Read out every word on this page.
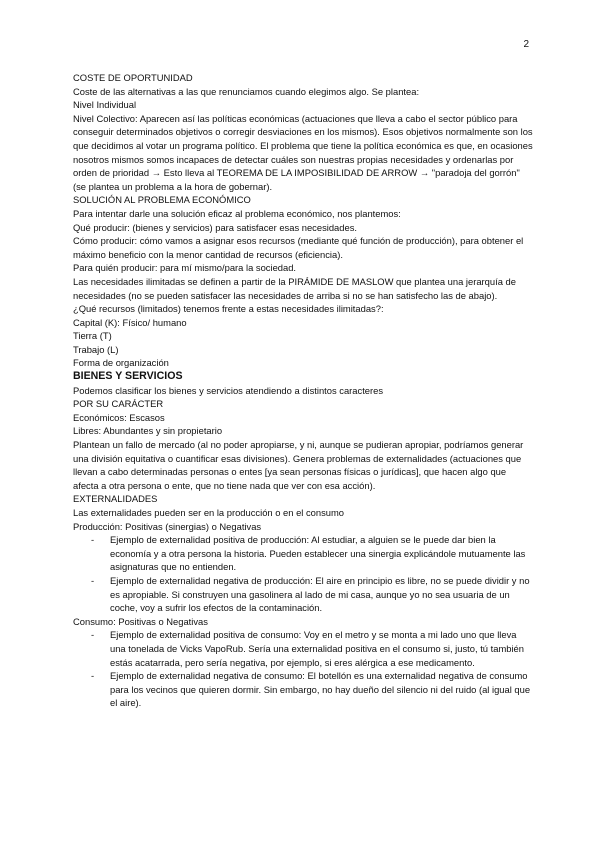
2

COSTE DE OPORTUNIDAD

Coste de las alternativas a las que renunciamos cuando elegimos algo. Se plantea:

Nivel Individual

Nivel Colectivo: Aparecen así las políticas económicas (actuaciones que lleva a cabo el sector público para conseguir determinados objetivos o corregir desviaciones en los mismos). Esos objetivos normalmente son los que decidimos al votar un programa político. El problema que tiene la política económica es que, en ocasiones nosotros mismos somos incapaces de detectar cuáles son nuestras propias necesidades y ordenarlas por orden de prioridad → Esto lleva al TEOREMA DE LA IMPOSIBILIDAD DE ARROW → "paradoja del gorrón" (se plantea un problema a la hora de gobernar).

SOLUCIÓN AL PROBLEMA ECONÓMICO

Para intentar darle una solución eficaz al problema económico, nos plantemos:

Qué producir: (bienes y servicios) para satisfacer esas necesidades.

Cómo producir: cómo vamos a asignar esos recursos (mediante qué función de producción), para obtener el máximo beneficio con la menor cantidad de recursos (eficiencia).

Para quién producir: para mí mismo/para la sociedad.

Las necesidades ilimitadas se definen a partir de la PIRÁMIDE DE MASLOW que plantea una jerarquía de necesidades (no se pueden satisfacer las necesidades de arriba si no se han satisfecho las de abajo).

¿Qué recursos (limitados) tenemos frente a estas necesidades ilimitadas?:

Capital (K): Físico/ humano

Tierra (T)

Trabajo (L)

Forma de organización

BIENES Y SERVICIOS

Podemos clasificar los bienes y servicios atendiendo a distintos caracteres

POR SU CARÁCTER

Económicos: Escasos

Libres: Abundantes y sin propietario

Plantean un fallo de mercado (al no poder apropiarse, y ni, aunque se pudieran apropiar, podríamos generar una división equitativa o cuantificar esas divisiones). Genera problemas de externalidades (actuaciones que llevan a cabo determinadas personas o entes [ya sean personas físicas o jurídicas], que hacen algo que afecta a otra persona o ente, que no tiene nada que ver con esa acción).

EXTERNALIDADES

Las externalidades pueden ser en la producción o en el consumo

Producción: Positivas (sinergias) o Negativas

- Ejemplo de externalidad positiva de producción: Al estudiar, a alguien se le puede dar bien la economía y a otra persona la historia. Pueden establecer una sinergia explicándole mutuamente las asignaturas que no entienden.
- Ejemplo de externalidad negativa de producción: El aire en principio es libre, no se puede dividir y no es apropiable. Si construyen una gasolinera al lado de mi casa, aunque yo no sea usuaria de un coche, voy a sufrir los efectos de la contaminación.

Consumo: Positivas o Negativas

- Ejemplo de externalidad positiva de consumo: Voy en el metro y se monta a mi lado uno que lleva una tonelada de Vicks VapoRub. Sería una externalidad positiva en el consumo si, justo, tú también estás acatarrada, pero sería negativa, por ejemplo, si eres alérgica a ese medicamento.
- Ejemplo de externalidad negativa de consumo: El botellón es una externalidad negativa de consumo para los vecinos que quieren dormir. Sin embargo, no hay dueño del silencio ni del ruido (al igual que el aire).
